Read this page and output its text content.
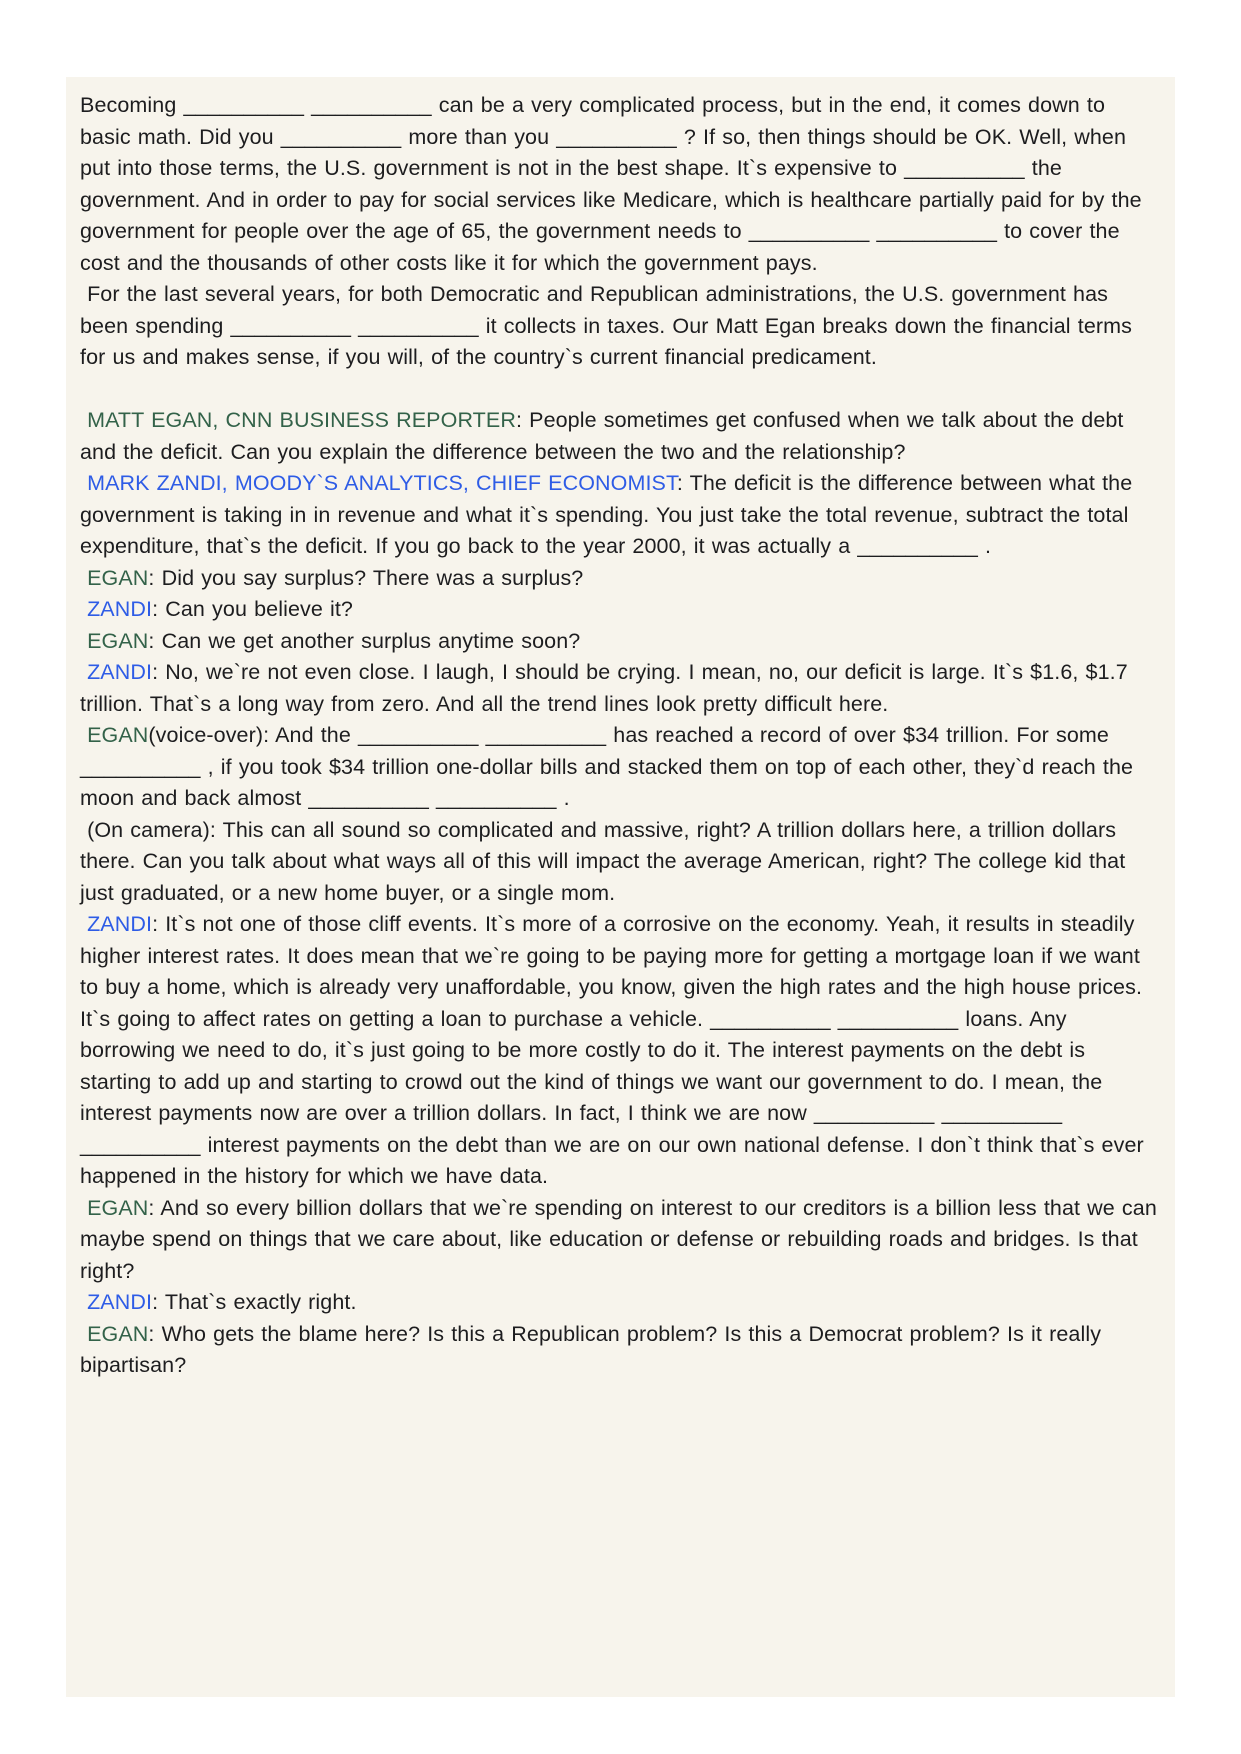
Becoming __________ __________ can be a very complicated process, but in the end, it comes down to basic math. Did you __________ more than you __________ ? If so, then things should be OK. Well, when put into those terms, the U.S. government is not in the best shape. It`s expensive to __________ the government. And in order to pay for social services like Medicare, which is healthcare partially paid for by the government for people over the age of 65, the government needs to __________ __________ to cover the cost and the thousands of other costs like it for which the government pays.

For the last several years, for both Democratic and Republican administrations, the U.S. government has been spending __________ __________ it collects in taxes. Our Matt Egan breaks down the financial terms for us and makes sense, if you will, of the country`s current financial predicament.

MATT EGAN, CNN BUSINESS REPORTER: People sometimes get confused when we talk about the debt and the deficit. Can you explain the difference between the two and the relationship?

MARK ZANDI, MOODY`S ANALYTICS, CHIEF ECONOMIST: The deficit is the difference between what the government is taking in in revenue and what it`s spending. You just take the total revenue, subtract the total expenditure, that`s the deficit. If you go back to the year 2000, it was actually a __________ .

EGAN: Did you say surplus? There was a surplus?

ZANDI: Can you believe it?

EGAN: Can we get another surplus anytime soon?

ZANDI: No, we`re not even close. I laugh, I should be crying. I mean, no, our deficit is large. It`s $1.6, $1.7 trillion. That`s a long way from zero. And all the trend lines look pretty difficult here.

EGAN(voice-over): And the __________ __________ has reached a record of over $34 trillion. For some __________ , if you took $34 trillion one-dollar bills and stacked them on top of each other, they`d reach the moon and back almost __________ __________ .

(On camera): This can all sound so complicated and massive, right? A trillion dollars here, a trillion dollars there. Can you talk about what ways all of this will impact the average American, right? The college kid that just graduated, or a new home buyer, or a single mom.

ZANDI: It`s not one of those cliff events. It`s more of a corrosive on the economy. Yeah, it results in steadily higher interest rates. It does mean that we`re going to be paying more for getting a mortgage loan if we want to buy a home, which is already very unaffordable, you know, given the high rates and the high house prices. It`s going to affect rates on getting a loan to purchase a vehicle. __________ __________ loans. Any borrowing we need to do, it`s just going to be more costly to do it. The interest payments on the debt is starting to add up and starting to crowd out the kind of things we want our government to do. I mean, the interest payments now are over a trillion dollars. In fact, I think we are now __________ __________ __________ interest payments on the debt than we are on our own national defense. I don`t think that`s ever happened in the history for which we have data.

EGAN: And so every billion dollars that we`re spending on interest to our creditors is a billion less that we can maybe spend on things that we care about, like education or defense or rebuilding roads and bridges. Is that right?

ZANDI: That`s exactly right.

EGAN: Who gets the blame here? Is this a Republican problem? Is this a Democrat problem? Is it really bipartisan?
